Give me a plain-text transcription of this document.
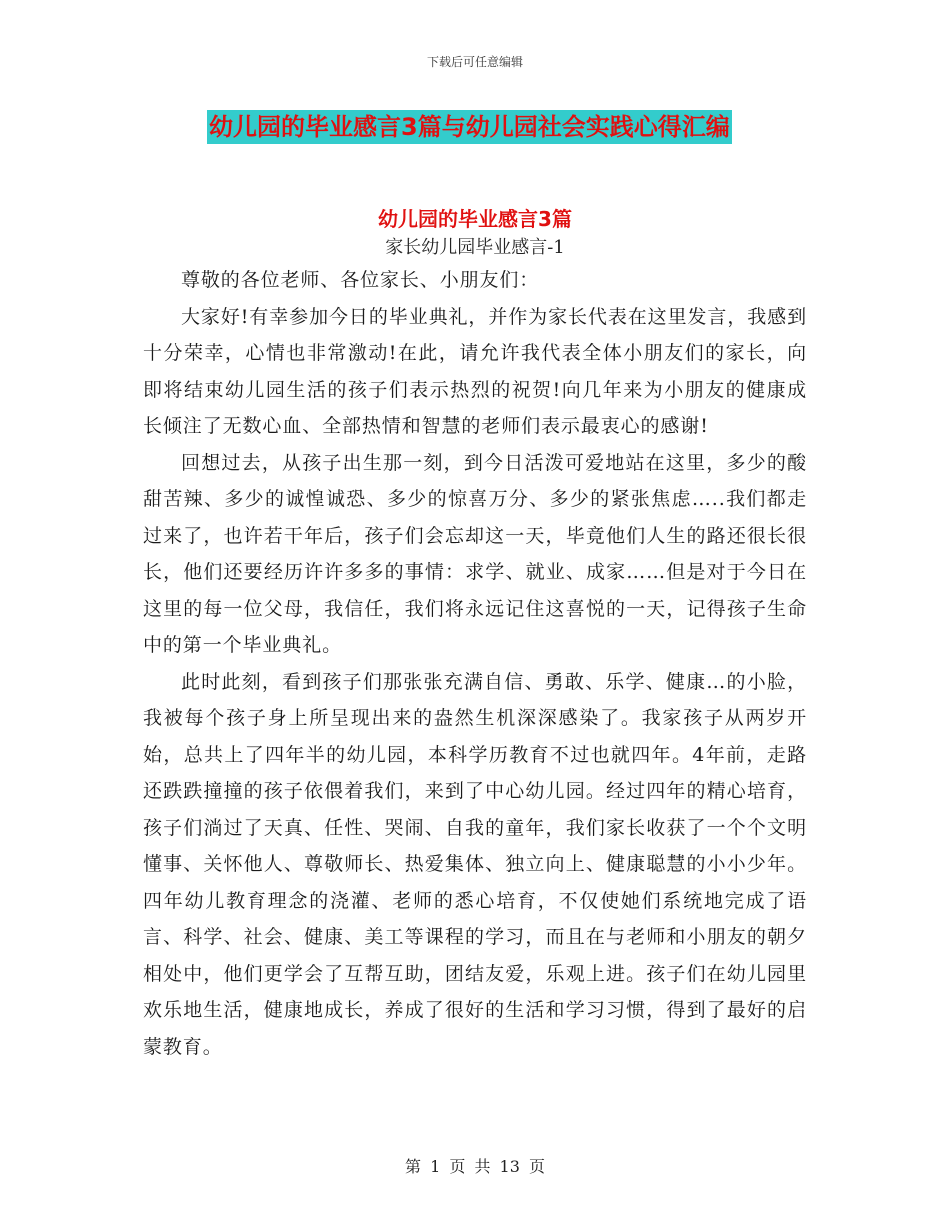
下载后可任意编辑
幼儿园的毕业感言3篇与幼儿园社会实践心得汇编
幼儿园的毕业感言3篇
家长幼儿园毕业感言-1

尊敬的各位老师、各位家长、小朋友们：

大家好!有幸参加今日的毕业典礼，并作为家长代表在这里发言，我感到十分荣幸，心情也非常激动!在此，请允许我代表全体小朋友们的家长，向即将结束幼儿园生活的孩子们表示热烈的祝贺!向几年来为小朋友的健康成长倾注了无数心血、全部热情和智慧的老师们表示最衷心的感谢!

回想过去，从孩子出生那一刻，到今日活泼可爱地站在这里，多少的酸甜苦辣、多少的诚惶诚恐、多少的惊喜万分、多少的紧张焦虑…..我们都走过来了，也许若干年后，孩子们会忘却这一天，毕竟他们人生的路还很长很长，他们还要经历许许多多的事情：求学、就业、成家……但是对于今日在这里的每一位父母，我信任，我们将永远记住这喜悦的一天，记得孩子生命中的第一个毕业典礼。

此时此刻，看到孩子们那张张充满自信、勇敢、乐学、健康…的小脸，我被每个孩子身上所呈现出来的盎然生机深深感染了。我家孩子从两岁开始，总共上了四年半的幼儿园，本科学历教育不过也就四年。4年前，走路还跌跌撞撞的孩子依偎着我们，来到了中心幼儿园。经过四年的精心培育，孩子们淌过了天真、任性、哭闹、自我的童年，我们家长收获了一个个文明懂事、关怀他人、尊敬师长、热爱集体、独立向上、健康聪慧的小小少年。四年幼儿教育理念的浇灌、老师的悉心培育，不仅使她们系统地完成了语言、科学、社会、健康、美工等课程的学习，而且在与老师和小朋友的朝夕相处中，他们更学会了互帮互助，团结友爱，乐观上进。孩子们在幼儿园里欢乐地生活，健康地成长，养成了很好的生活和学习习惯，得到了最好的启蒙教育。

第 1 页 共 13 页
